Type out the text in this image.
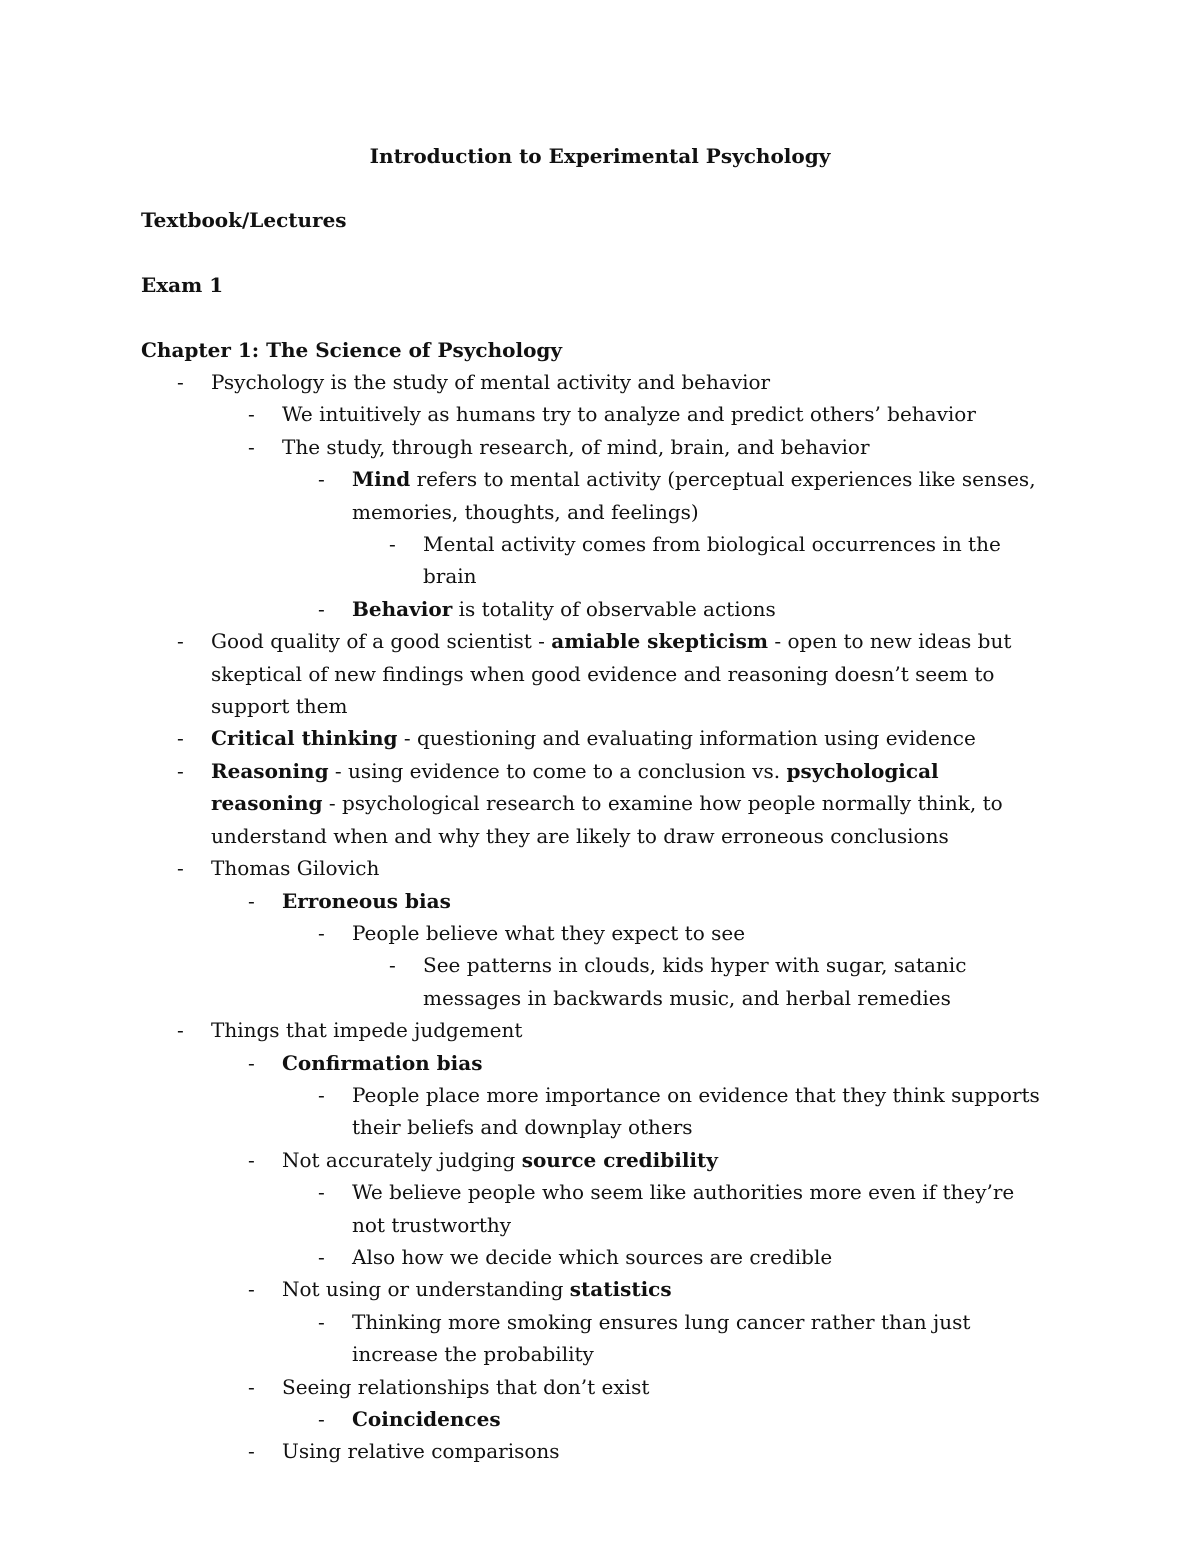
Introduction to Experimental Psychology
Textbook/Lectures
Exam 1
Chapter 1: The Science of Psychology
- Psychology is the study of mental activity and behavior
- We intuitively as humans try to analyze and predict others’ behavior
- The study, through research, of mind, brain, and behavior
- Mind refers to mental activity (perceptual experiences like senses, memories, thoughts, and feelings)
- Mental activity comes from biological occurrences in the brain
- Behavior is totality of observable actions
- Good quality of a good scientist - amiable skepticism - open to new ideas but skeptical of new findings when good evidence and reasoning doesn’t seem to support them
- Critical thinking - questioning and evaluating information using evidence
- Reasoning - using evidence to come to a conclusion vs. psychological reasoning - psychological research to examine how people normally think, to understand when and why they are likely to draw erroneous conclusions
- Thomas Gilovich
- Erroneous bias
- People believe what they expect to see
- See patterns in clouds, kids hyper with sugar, satanic messages in backwards music, and herbal remedies
- Things that impede judgement
- Confirmation bias
- People place more importance on evidence that they think supports their beliefs and downplay others
- Not accurately judging source credibility
- We believe people who seem like authorities more even if they’re not trustworthy
- Also how we decide which sources are credible
- Not using or understanding statistics
- Thinking more smoking ensures lung cancer rather than just increase the probability
- Seeing relationships that don’t exist
- Coincidences
- Using relative comparisons
